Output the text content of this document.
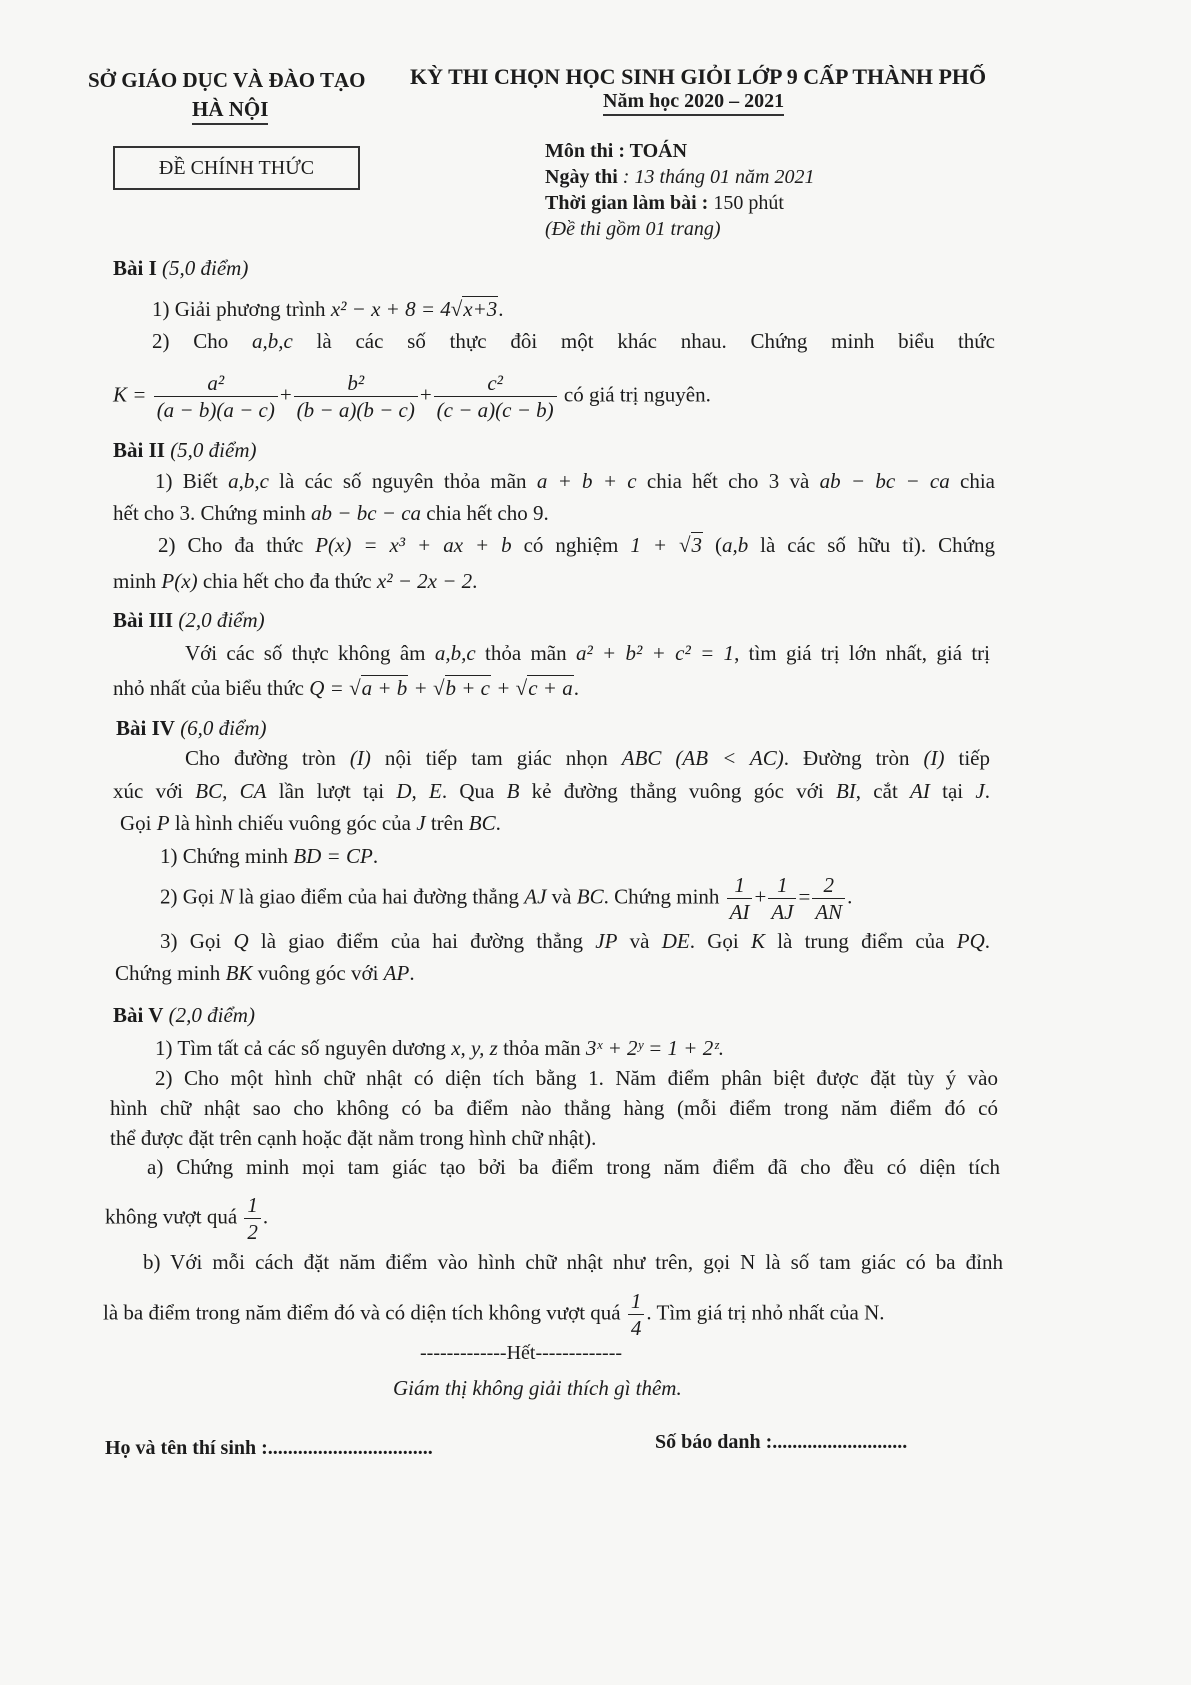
SỞ GIÁO DỤC VÀ ĐÀO TẠO
HÀ NỘI
KỲ THI CHỌN HỌC SINH GIỎI LỚP 9 CẤP THÀNH PHỐ
Năm học 2020 – 2021
ĐỀ CHÍNH THỨC
Môn thi : TOÁN
Ngày thi : 13 tháng 01 năm 2021
Thời gian làm bài : 150 phút
(Đề thi gồm 01 trang)
Bài I (5,0 điểm)
1) Giải phương trình x² − x + 8 = 4√x+3.
2) Cho a,b,c là các số thực đôi một khác nhau. Chứng minh biểu thức
$K = \frac{\text{a²}}{(a - b)(a - c)} + \frac{\text{b²}}{(b - a)(b - c)} + \frac{\text{c²}}{(c - a)(c - b)}$ có giá trị nguyên.
Bài II (5,0 điểm)
1) Biết a,b,c là các số nguyên thỏa mãn a + b + c chia hết cho 3 và ab − bc − ca chia
hết cho 3. Chứng minh ab − bc − ca chia hết cho 9.
2) Cho đa thức P(x) = x³ + ax + b có nghiệm 1 + √3 (a,b là các số hữu tỉ). Chứng
minh P(x) chia hết cho đa thức x² − 2x − 2.
Bài III (2,0 điểm)
Với các số thực không âm a,b,c thỏa mãn a² + b² + c² = 1, tìm giá trị lớn nhất, giá trị
nhỏ nhất của biểu thức Q = √a + b + √b + c + √c + a.
Bài IV (6,0 điểm)
Cho đường tròn (I) nội tiếp tam giác nhọn ABC (AB < AC). Đường tròn (I) tiếp
xúc với BC, CA lần lượt tại D, E. Qua B kẻ đường thẳng vuông góc với BI, cắt AI tại J.
Gọi P là hình chiếu vuông góc của J trên BC.
1) Chứng minh BD = CP.
2) Gọi N là giao điểm của hai đường thẳng AJ và BC. Chứng minh $\frac{1}{AI} + \frac{1}{AJ} = \frac{2}{AN}$ .
3) Gọi Q là giao điểm của hai đường thẳng JP và DE. Gọi K là trung điểm của PQ.
Chứng minh BK vuông góc với AP.
Bài V (2,0 điểm)
1) Tìm tất cả các số nguyên dương x, y, z thỏa mãn 3ˣ + 2ʸ = 1 + 2ᶻ.
2) Cho một hình chữ nhật có diện tích bằng 1. Năm điểm phân biệt được đặt tùy ý vào
hình chữ nhật sao cho không có ba điểm nào thẳng hàng (mỗi điểm trong năm điểm đó có
thể được đặt trên cạnh hoặc đặt nằm trong hình chữ nhật).
a) Chứng minh mọi tam giác tạo bởi ba điểm trong năm điểm đã cho đều có diện tích
không vượt quá $\frac{1}{2}$ .
b) Với mỗi cách đặt năm điểm vào hình chữ nhật như trên, gọi N là số tam giác có ba đỉnh
là ba điểm trong năm điểm đó và có diện tích không vượt quá $\frac{1}{4}$ . Tìm giá trị nhỏ nhất của N.
-------------Hết-------------
Giám thị không giải thích gì thêm.
Họ và tên thí sinh :.................................	Số báo danh :...........................
